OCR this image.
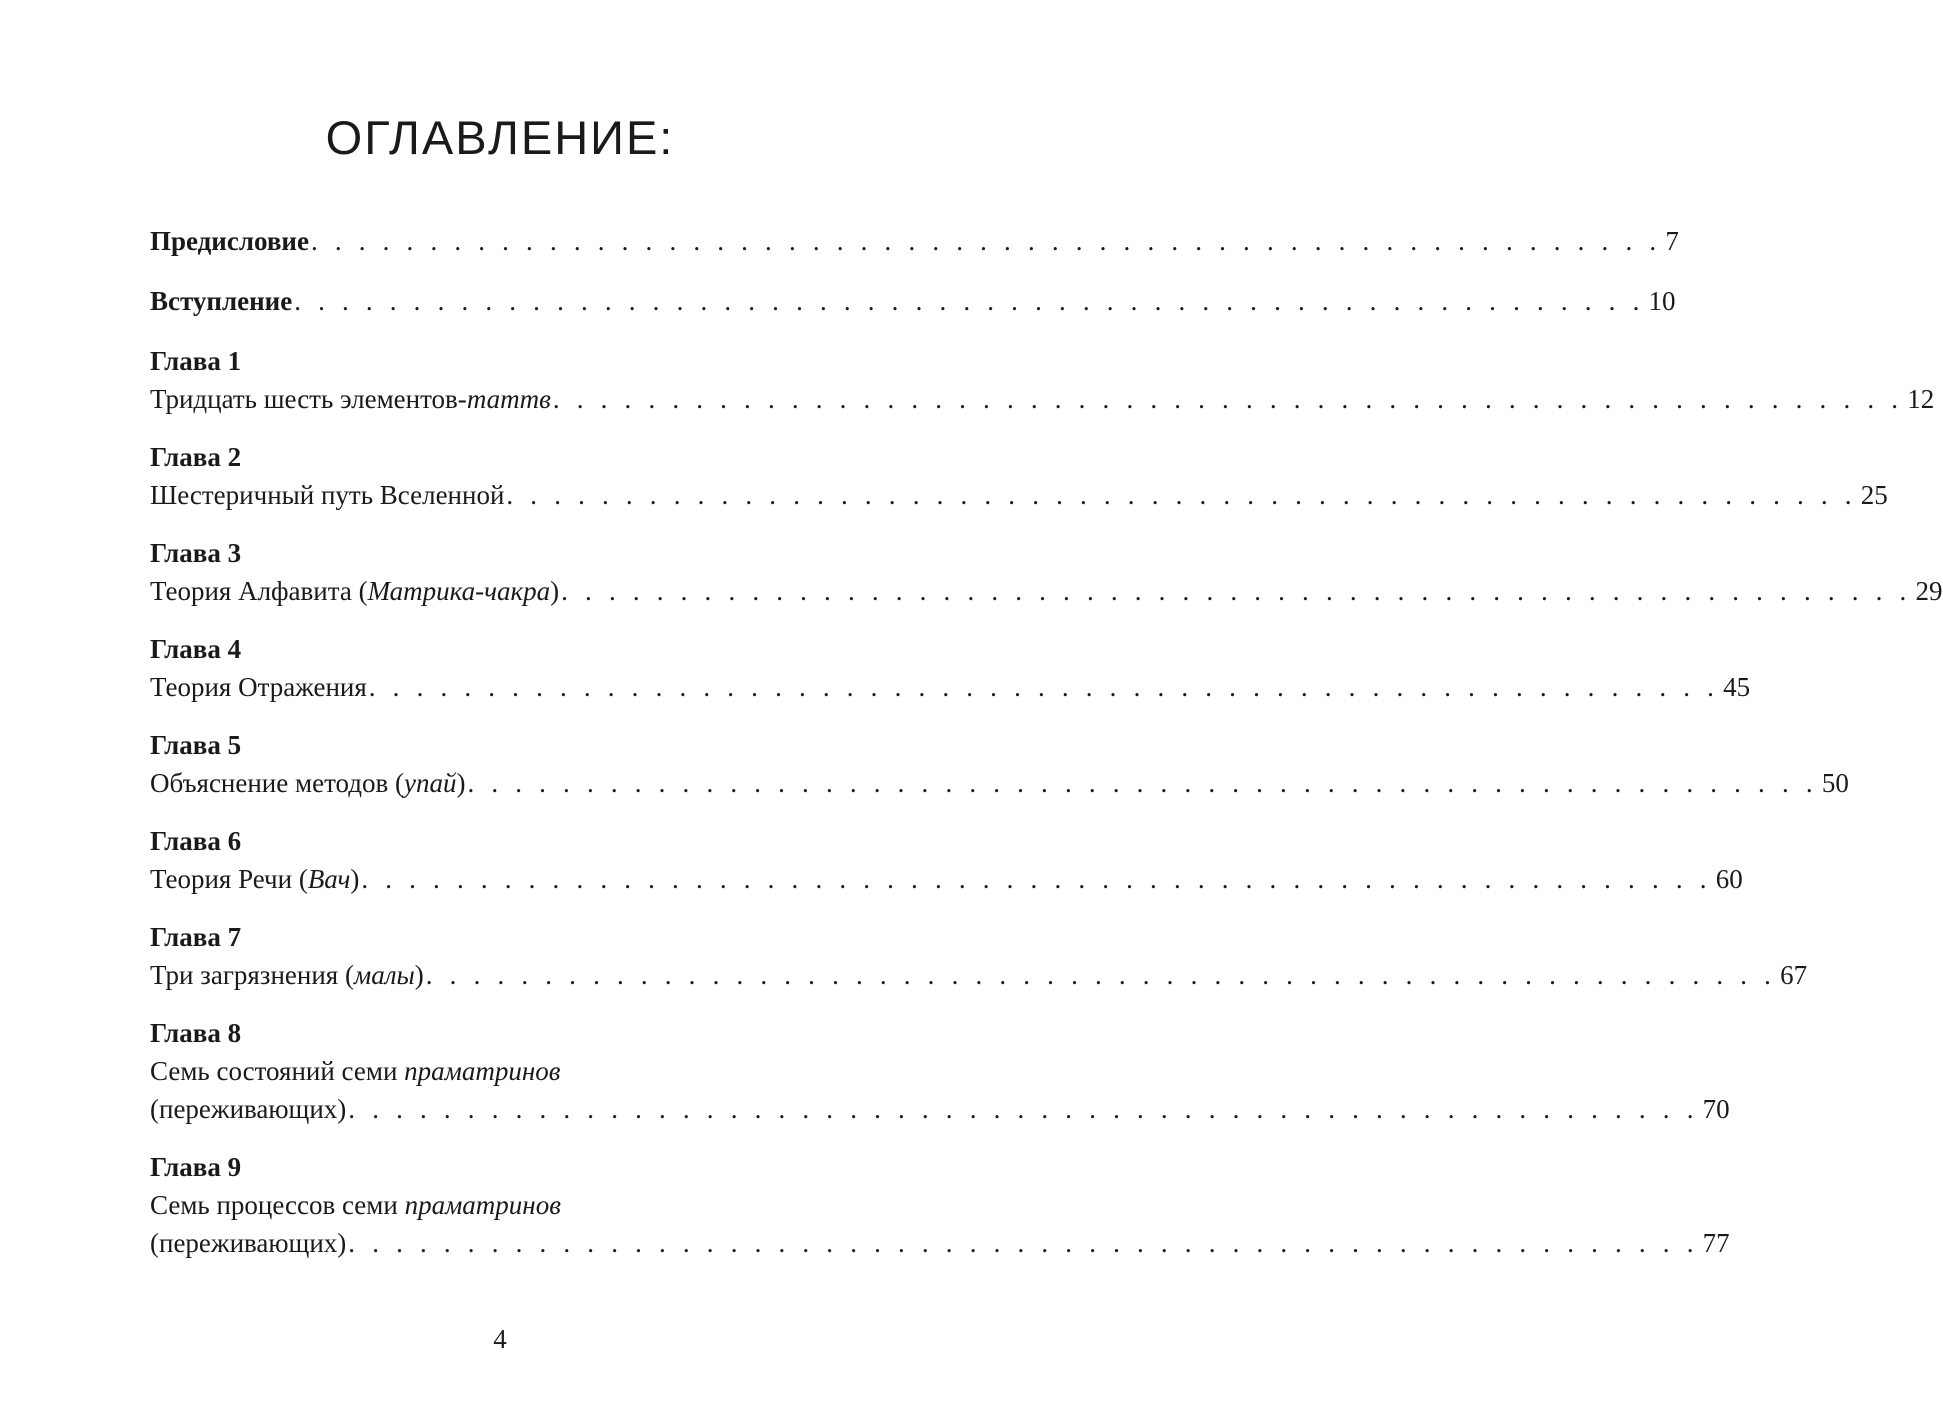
ОГЛАВЛЕНИЕ:
Предисловие . . . . . . . . . . . . . . . . . . . . . . . . . . . . . . . . . . . . . . . . . . . . . . . . . . . . . . . . . 7
Вступление . . . . . . . . . . . . . . . . . . . . . . . . . . . . . . . . . . . . . . . . . . . . . . . . . . . . . . . . . 10
Глава 1
Тридцать шесть элементов-таттв . . . . . . . . . . . . . . . . . . . . . . . . . . . . . . . . . . . . . . . . . . . . . . . . . . . . . . . . . 12
Глава 2
Шестеричный путь Вселенной . . . . . . . . . . . . . . . . . . . . . . . . . . . . . . . . . . . . . . . . . . . . . . . . . . . . . . . . . 25
Глава 3
Теория Алфавита (Матрика-чакра) . . . . . . . . . . . . . . . . . . . . . . . . . . . . . . . . . . . . . . . . . . . . . . . . . . . . . . . . . 29
Глава 4
Теория Отражения . . . . . . . . . . . . . . . . . . . . . . . . . . . . . . . . . . . . . . . . . . . . . . . . . . . . . . . . . 45
Глава 5
Объяснение методов (упай) . . . . . . . . . . . . . . . . . . . . . . . . . . . . . . . . . . . . . . . . . . . . . . . . . . . . . . . . . 50
Глава 6
Теория Речи (Вач) . . . . . . . . . . . . . . . . . . . . . . . . . . . . . . . . . . . . . . . . . . . . . . . . . . . . . . . . . 60
Глава 7
Три загрязнения (малы) . . . . . . . . . . . . . . . . . . . . . . . . . . . . . . . . . . . . . . . . . . . . . . . . . . . . . . . . . 67
Глава 8
Семь состояний семи праматринов
(переживающих) . . . . . . . . . . . . . . . . . . . . . . . . . . . . . . . . . . . . . . . . . . . . . . . . . . . . . . . . . 70
Глава 9
Семь процессов семи праматринов
(переживающих) . . . . . . . . . . . . . . . . . . . . . . . . . . . . . . . . . . . . . . . . . . . . . . . . . . . . . . . . . 77
4
